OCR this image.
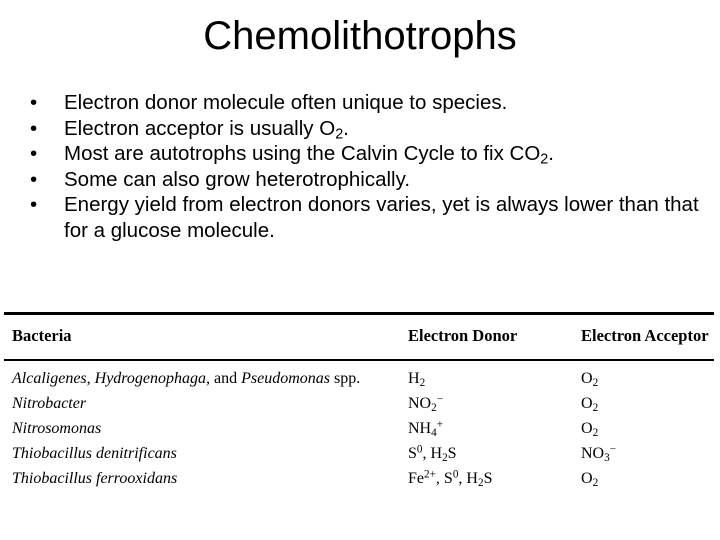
Chemolithotrophs
• Electron donor molecule often unique to species.
• Electron acceptor is usually $O_2$.
• Most are autotrophs using the Calvin Cycle to fix $CO_2$.
• Some can also grow heterotrophically.
• Energy yield from electron donors varies, yet is always lower than that for a glucose molecule.
Bacteria	Electron Donor	Electron Acceptor
Alcaligenes, Hydrogenophaga, and Pseudomonas spp.	$H_2$	$O_2$
Nitrobacter	$NO_2^-$	$O_2$
Nitrosomonas	$NH_4^+$	$O_2$
Thiobacillus denitrificans	$S^0$, $H_2S$	$NO_3^-$
Thiobacillus ferrooxidans	$Fe^{2+}$, $S^0$, $H_2S$	$O_2$
